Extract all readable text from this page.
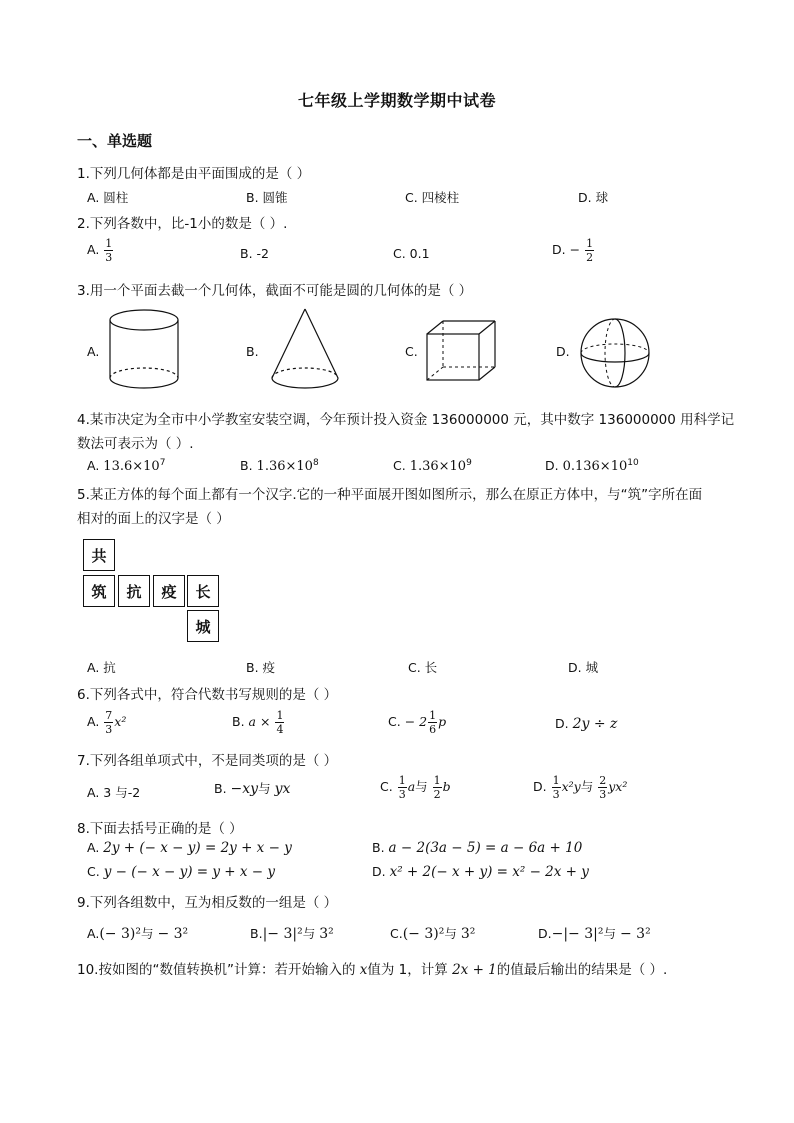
七年级上学期数学期中试卷
一、单选题
1.下列几何体都是由平面围成的是（ ）
A. 圆柱	B. 圆锥	C. 四棱柱	D. 球
2.下列各数中，比-1小的数是（ ）.
A. $\frac{1}{3}$	B. -2	C. 0.1	D. − $\frac{1}{2}$
3.用一个平面去截一个几何体，截面不可能是圆的几何体的是（ ）
A.	B.	C.	D.
4.某市决定为全市中小学教室安装空调，今年预计投入资金 136000000 元，其中数字 136000000 用科学记
数法可表示为（ ）.
A. $13.6\times 10^7$	B. $1.36\times 10^8$	C. $1.36\times 10^9$	D. $0.136\times 10^{10}$
5.某正方体的每个面上都有一个汉字.它的一种平面展开图如图所示，那么在原正方体中，与“筑”字所在面
相对的面上的汉字是（ ）
共
筑	抗	疫	长
城
A. 抗	B. 疫	C. 长	D. 城
6.下列各式中，符合代数书写规则的是（ ）
A. $\frac{7}{3} x^2$	B. $a \times \frac{1}{4}$	C. − $2 \frac{1}{6}$ p	D. 2y ÷ z
7.下列各组单项式中，不是同类项的是（ ）
A. 3 与-2	B. −xy与 yx	C. $\frac{1}{3}$ a与 $\frac{1}{2}$ b	D. $\frac{1}{3} x^2y$与 $\frac{2}{3} yx^2$
8.下面去括号正确的是（ ）
A. 2y + (− x − y) = 2y + x − y	B. a − 2(3a − 5) = a − 6a + 10
C. y − (− x − y) = y + x − y	D. x² + 2(− x + y) = x² − 2x + y
9.下列各组数中，互为相反数的一组是（ ）
A.(− 3)²与 − 3²	B.|− 3|²与 3²	C.(− 3)²与 3²	D.−|− 3|²与 − 3²
10.按如图的“数值转换机”计算：若开始输入的 x值为 1，计算 2x + 1的值最后输出的结果是（ ）.
